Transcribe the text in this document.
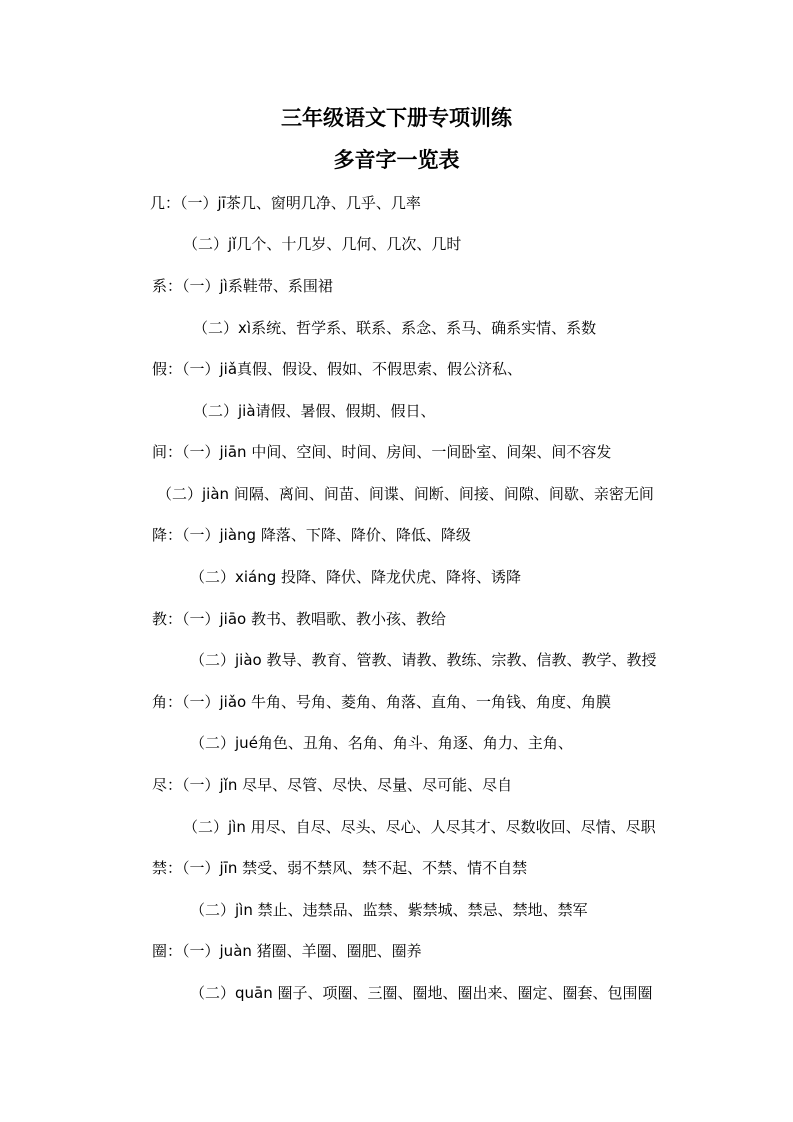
三年级语文下册专项训练
多音字一览表
几：（一）jī茶几、窗明几净、几乎、几率
（二）jǐ几个、十几岁、几何、几次、几时
系：（一）jì系鞋带、系围裙
（二）xì系统、哲学系、联系、系念、系马、确系实情、系数
假：（一）jiǎ真假、假设、假如、不假思索、假公济私、
（二）jià请假、暑假、假期、假日、
间：（一）jiān 中间、空间、时间、房间、一间卧室、间架、间不容发
（二）jiàn 间隔、离间、间苗、间谍、间断、间接、间隙、间歇、亲密无间
降：（一）jiàng 降落、下降、降价、降低、降级
（二）xiáng 投降、降伏、降龙伏虎、降将、诱降
教：（一）jiāo 教书、教唱歌、教小孩、教给
（二）jiào 教导、教育、管教、请教、教练、宗教、信教、教学、教授
角：（一）jiǎo 牛角、号角、菱角、角落、直角、一角钱、角度、角膜
（二）jué角色、丑角、名角、角斗、角逐、角力、主角、
尽：（一）jǐn 尽早、尽管、尽快、尽量、尽可能、尽自
（二）jìn 用尽、自尽、尽头、尽心、人尽其才、尽数收回、尽情、尽职
禁：（一）jīn 禁受、弱不禁风、禁不起、不禁、情不自禁
（二）jìn 禁止、违禁品、监禁、紫禁城、禁忌、禁地、禁军
圈：（一）juàn 猪圈、羊圈、圈肥、圈养
（二）quān 圈子、项圈、三圈、圈地、圈出来、圈定、圈套、包围圈
